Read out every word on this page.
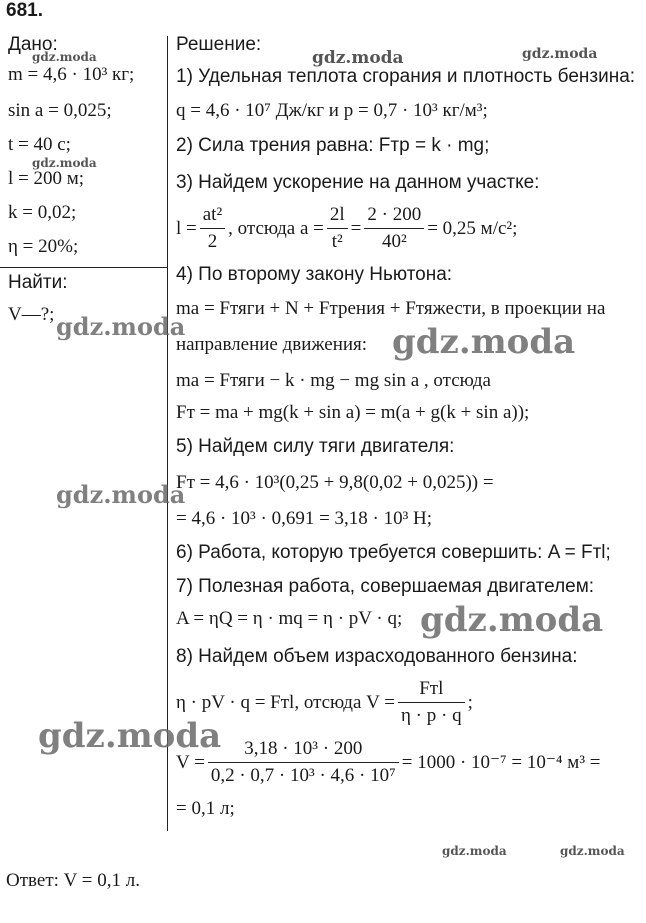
681.
Дано:
m = 4,6 · 10³ кг;
sin a = 0,025;
t = 40 с;
l = 200 м;
k = 0,02;
η = 20%;
Найти:
V—?;
Решение:
1) Удельная теплота сгорания и плотность бензина:
q = 4,6 · 10⁷ Дж/кг и p = 0,7 · 10³ кг/м³;
2) Сила трения равна: Fтр = k · mg;
3) Найдем ускорение на данном участке:
$l = \frac{\text{at²}}{2}$ , отсюда $a = \frac{2l}{\text{t²}} = \frac{2 \cdot 200}{\text{40²}} = 0,25$ м/с²;
4) По второму закону Ньютона:
ma = Fтяги + N + Fтрения + Fтяжести, в проекции на
направление движения:
ma = Fтяги − k · mg − mg sin a , отсюда
Fт = ma + mg(k + sin a) = m(a + g(k + sin a));
5) Найдем силу тяги двигателя:
Fт = 4,6 · 10³(0,25 + 9,8(0,02 + 0,025)) =
= 4,6 · 10³ · 0,691 = 3,18 · 10³ Н;
6) Работа, которую требуется совершить: A = Fтl;
7) Полезная работа, совершаемая двигателем:
A = ηQ = η · mq = η · pV · q;
8) Найдем объем израсходованного бензина:
η · pV · q = Fтl, отсюда $V = \frac{\text{Fтl}}{\eta \cdot p \cdot q}$ ;
$V = \frac{\text{3,18 · 10³ · 200}}{\text{0,2 · 0,7 · 10³ · 4,6 · 10⁷}} = 1000 \cdot 10^{-7} = 10^{-4}$ м³ =
= 0,1 л;
Ответ: V = 0,1 л.
gdz.moda
gdz.moda
gdz.moda	gdz.moda
gdz.moda	gdz.moda
gdz.moda
gdz.moda
gdz.moda
gdz.moda	gdz.moda
